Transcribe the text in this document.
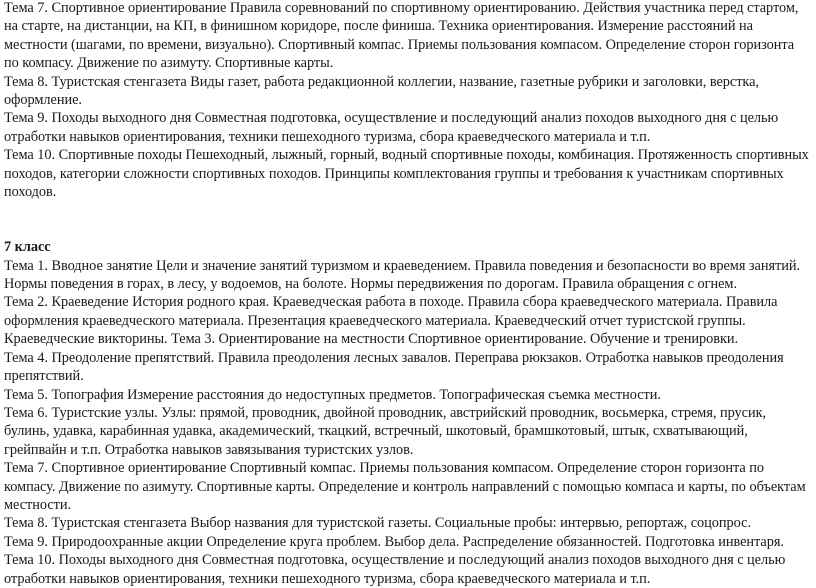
Тема 7. Спортивное ориентирование Правила соревнований по спортивному ориентированию. Действия участника перед стартом, на старте, на дистанции, на КП, в финишном коридоре, после финиша. Техника ориентирования. Измерение расстояний на местности (шагами, по времени, визуально). Спортивный компас. Приемы пользования компасом. Определение сторон горизонта по компасу. Движение по азимуту. Спортивные карты.

Тема 8. Туристская стенгазета Виды газет, работа редакционной коллегии, название, газетные рубрики и заголовки, верстка, оформление.

Тема 9. Походы выходного дня Совместная подготовка, осуществление и последующий анализ походов выходного дня с целью отработки навыков ориентирования, техники пешеходного туризма, сбора краеведческого материала и т.п.

Тема 10. Спортивные походы Пешеходный, лыжный, горный, водный спортивные походы, комбинация. Протяженность спортивных походов, категории сложности спортивных походов. Принципы комплектования группы и требования к участникам спортивных походов.

7 класс

Тема 1. Вводное занятие Цели и значение занятий туризмом и краеведением. Правила поведения и безопасности во время занятий. Нормы поведения в горах, в лесу, у водоемов, на болоте. Нормы передвижения по дорогам. Правила обращения с огнем.

Тема 2. Краеведение История родного края. Краеведческая работа в походе. Правила сбора краеведческого материала. Правила оформления краеведческого материала. Презентация краеведческого материала. Краеведческий отчет туристской группы. Краеведческие викторины. Тема 3. Ориентирование на местности Спортивное ориентирование. Обучение и тренировки.

Тема 4. Преодоление препятствий. Правила преодоления лесных завалов. Переправа рюкзаков. Отработка навыков преодоления препятствий.

Тема 5. Топография Измерение расстояния до недоступных предметов. Топографическая съемка местности.

Тема 6. Туристские узлы. Узлы: прямой, проводник, двойной проводник, австрийский проводник, восьмерка, стремя, прусик, булинь, удавка, карабинная удавка, академический, ткацкий, встречный, шкотовый, брамшкотовый, штык, схватывающий, грейпвайн и т.п. Отработка навыков завязывания туристских узлов.

Тема 7. Спортивное ориентирование Спортивный компас. Приемы пользования компасом. Определение сторон горизонта по компасу. Движение по азимуту. Спортивные карты. Определение и контроль направлений с помощью компаса и карты, по объектам местности.

Тема 8. Туристская стенгазета Выбор названия для туристской газеты. Социальные пробы: интервью, репортаж, соцопрос.

Тема 9. Природоохранные акции Определение круга проблем. Выбор дела. Распределение обязанностей. Подготовка инвентаря.

Тема 10. Походы выходного дня Совместная подготовка, осуществление и последующий анализ походов выходного дня с целью отработки навыков ориентирования, техники пешеходного туризма, сбора краеведческого материала и т.п.
